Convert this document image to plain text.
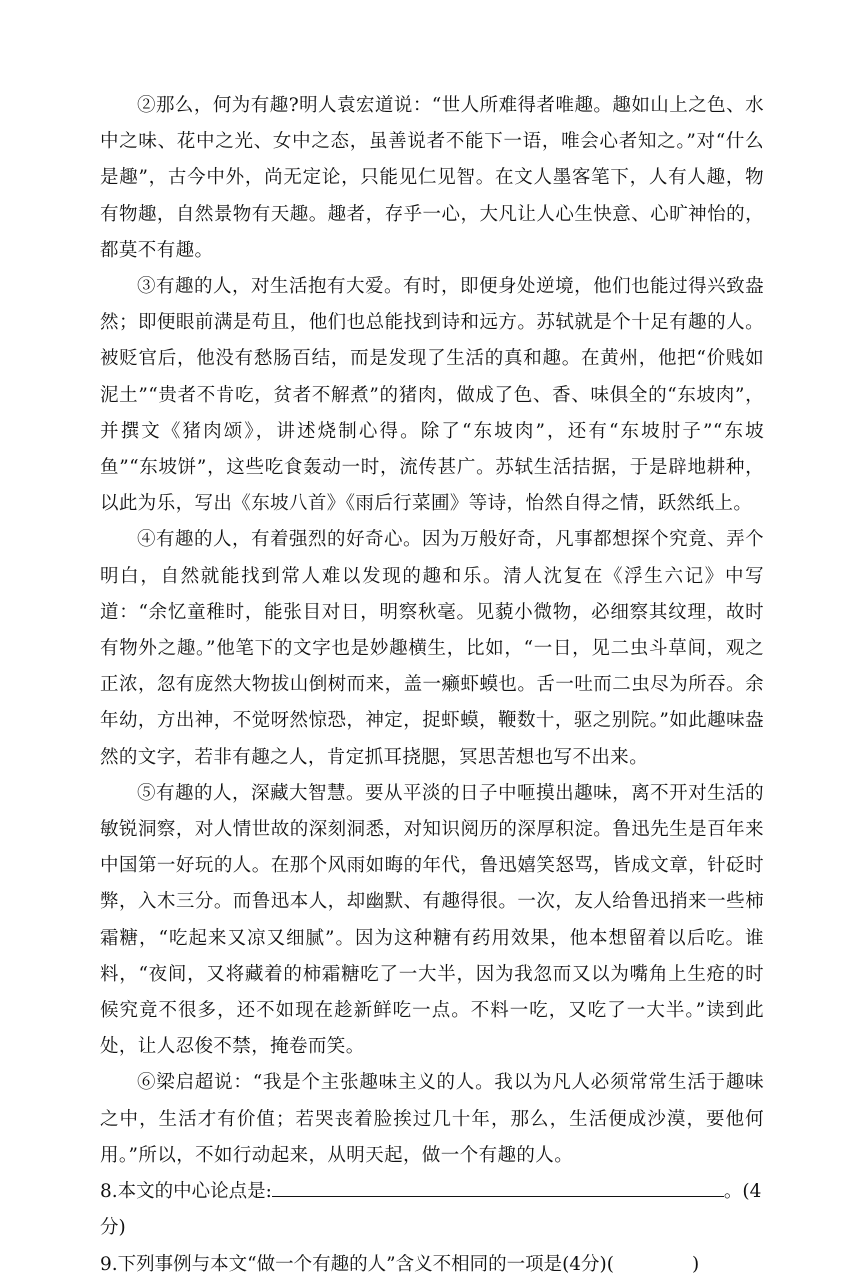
②那么，何为有趣?明人袁宏道说：“世人所难得者唯趣。趣如山上之色、水中之味、花中之光、女中之态，虽善说者不能下一语，唯会心者知之。”对“什么是趣”，古今中外，尚无定论，只能见仁见智。在文人墨客笔下，人有人趣，物有物趣，自然景物有天趣。趣者，存乎一心，大凡让人心生快意、心旷神怡的，都莫不有趣。

③有趣的人，对生活抱有大爱。有时，即便身处逆境，他们也能过得兴致盎然；即便眼前满是苟且，他们也总能找到诗和远方。苏轼就是个十足有趣的人。被贬官后，他没有愁肠百结，而是发现了生活的真和趣。在黄州，他把“价贱如泥土”“贵者不肯吃，贫者不解煮”的猪肉，做成了色、香、味俱全的“东坡肉”，并撰文《猪肉颂》，讲述烧制心得。除了“东坡肉”，还有“东坡肘子”“东坡鱼”“东坡饼”，这些吃食轰动一时，流传甚广。苏轼生活拮据，于是辟地耕种，以此为乐，写出《东坡八首》《雨后行菜圃》等诗，怡然自得之情，跃然纸上。

④有趣的人，有着强烈的好奇心。因为万般好奇，凡事都想探个究竟、弄个明白，自然就能找到常人难以发现的趣和乐。清人沈复在《浮生六记》中写道：“余忆童稚时，能张目对日，明察秋毫。见藐小微物，必细察其纹理，故时有物外之趣。”他笔下的文字也是妙趣横生，比如，“一日，见二虫斗草间，观之正浓，忽有庞然大物拔山倒树而来，盖一癞虾蟆也。舌一吐而二虫尽为所吞。余年幼，方出神，不觉呀然惊恐，神定，捉虾蟆，鞭数十，驱之别院。”如此趣味盎然的文字，若非有趣之人，肯定抓耳挠腮，冥思苦想也写不出来。

⑤有趣的人，深藏大智慧。要从平淡的日子中咂摸出趣味，离不开对生活的敏锐洞察，对人情世故的深刻洞悉，对知识阅历的深厚积淀。鲁迅先生是百年来中国第一好玩的人。在那个风雨如晦的年代，鲁迅嬉笑怒骂，皆成文章，针砭时弊，入木三分。而鲁迅本人，却幽默、有趣得很。一次，友人给鲁迅捎来一些柿霜糖，“吃起来又凉又细腻”。因为这种糖有药用效果，他本想留着以后吃。谁料，“夜间，又将藏着的柿霜糖吃了一大半，因为我忽而又以为嘴角上生疮的时候究竟不很多，还不如现在趁新鲜吃一点。不料一吃，又吃了一大半。”读到此处，让人忍俊不禁，掩卷而笑。

⑥梁启超说：“我是个主张趣味主义的人。我以为凡人必须常常生活于趣味之中，生活才有价值；若哭丧着脸挨过几十年，那么，生活便成沙漠，要他何用。”所以，不如行动起来，从明天起，做一个有趣的人。

8.本文的中心论点是:	。(4分)

9.下列事例与本文“做一个有趣的人”含义不相同的一项是(4分)(	)
